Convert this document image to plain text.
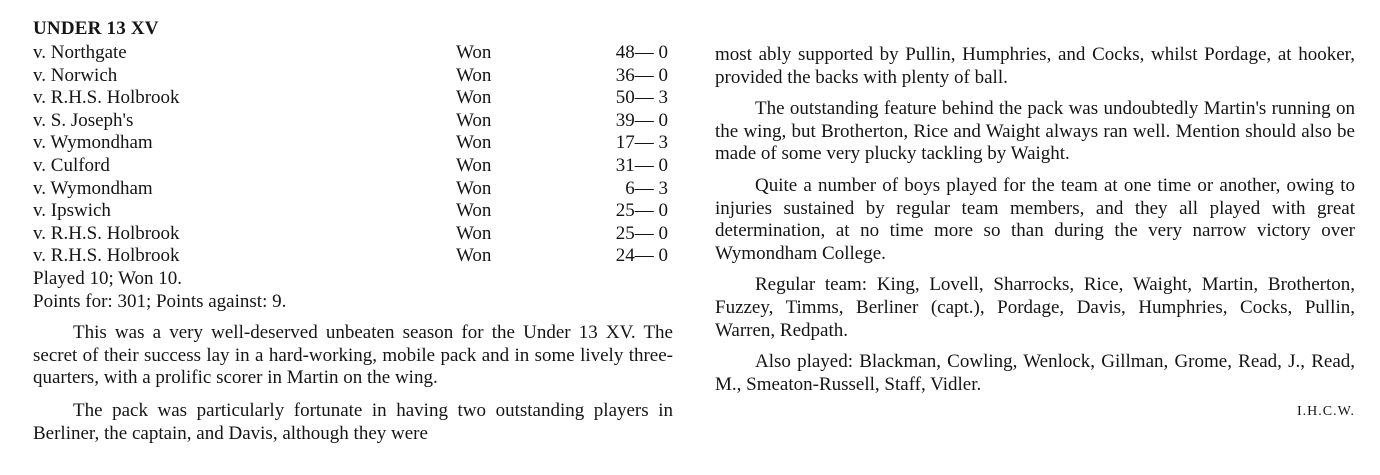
UNDER 13 XV
v. Northgate	Won	48— 0
v. Norwich	Won	36— 0
v. R.H.S. Holbrook	Won	50— 3
v. S. Joseph's	Won	39— 0
v. Wymondham	Won	17— 3
v. Culford	Won	31— 0
v. Wymondham	Won	6— 3
v. Ipswich	Won	25— 0
v. R.H.S. Holbrook	Won	25— 0
v. R.H.S. Holbrook	Won	24— 0
Played 10; Won 10.
Points for: 301; Points against: 9.

This was a very well-deserved unbeaten season for the Under 13 XV. The secret of their success lay in a hard-working, mobile pack and in some lively three-quarters, with a prolific scorer in Martin on the wing.

The pack was particularly fortunate in having two outstanding players in Berliner, the captain, and Davis, although they were

most ably supported by Pullin, Humphries, and Cocks, whilst Pordage, at hooker, provided the backs with plenty of ball.

The outstanding feature behind the pack was undoubtedly Martin's running on the wing, but Brotherton, Rice and Waight always ran well. Mention should also be made of some very plucky tackling by Waight.

Quite a number of boys played for the team at one time or another, owing to injuries sustained by regular team members, and they all played with great determination, at no time more so than during the very narrow victory over Wymondham College.

Regular team: King, Lovell, Sharrocks, Rice, Waight, Martin, Brotherton, Fuzzey, Timms, Berliner (capt.), Pordage, Davis, Humphries, Cocks, Pullin, Warren, Redpath.

Also played: Blackman, Cowling, Wenlock, Gillman, Grome, Read, J., Read, M., Smeaton-Russell, Staff, Vidler.

I.H.C.W.
